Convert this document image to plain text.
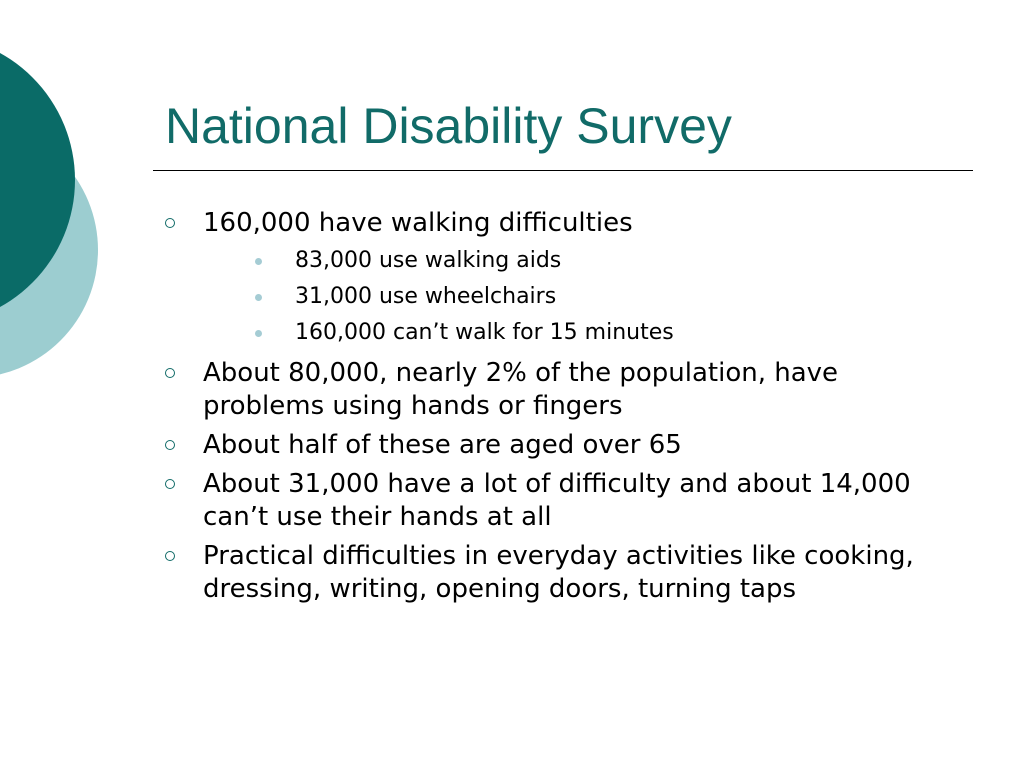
National Disability Survey
160,000 have walking difficulties
83,000 use walking aids
31,000 use wheelchairs
160,000 can’t walk for 15 minutes
About 80,000, nearly 2% of the population, have problems using hands or fingers
About half of these are aged over 65
About 31,000 have a lot of difficulty and about 14,000 can’t use their hands at all
Practical difficulties in everyday activities like cooking, dressing, writing, opening doors, turning taps
